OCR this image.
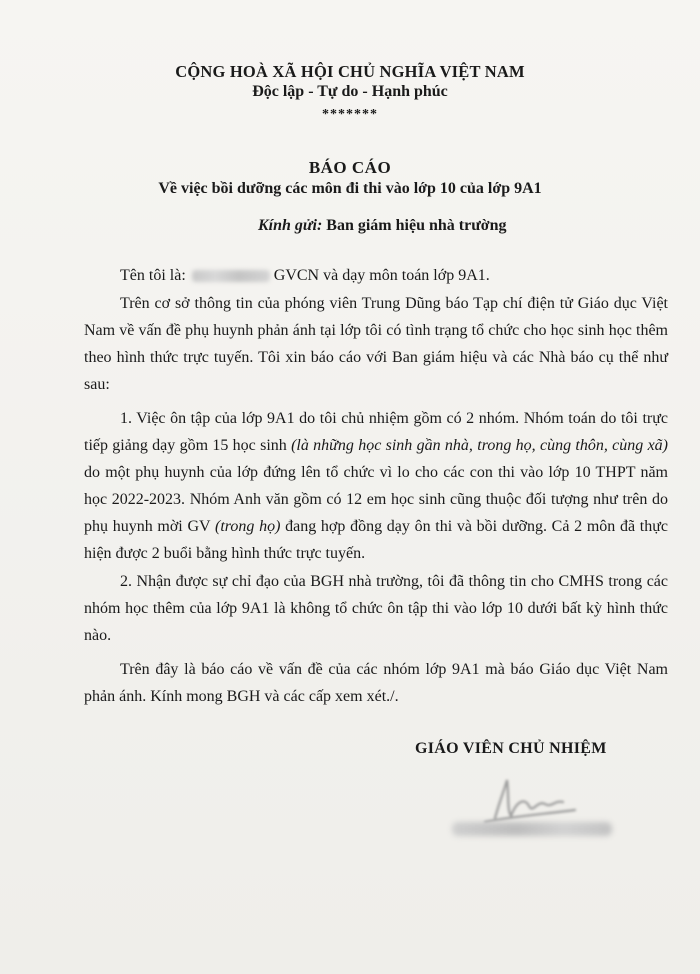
CỘNG HOÀ XÃ HỘI CHỦ NGHĨA VIỆT NAM
Độc lập - Tự do - Hạnh phúc
*******
BÁO CÁO
Về việc bồi dưỡng các môn đi thi vào lớp 10 của lớp 9A1
Kính gửi: Ban giám hiệu nhà trường

Tên tôi là:	GVCN và dạy môn toán lớp 9A1.

Trên cơ sở thông tin của phóng viên Trung Dũng báo Tạp chí điện tử Giáo dục Việt Nam về vấn đề phụ huynh phản ánh tại lớp tôi có tình trạng tổ chức cho học sinh học thêm theo hình thức trực tuyến. Tôi xin báo cáo với Ban giám hiệu và các Nhà báo cụ thể như sau:

1. Việc ôn tập của lớp 9A1 do tôi chủ nhiệm gồm có 2 nhóm. Nhóm toán do tôi trực tiếp giảng dạy gồm 15 học sinh (là những học sinh gần nhà, trong họ, cùng thôn, cùng xã) do một phụ huynh của lớp đứng lên tổ chức vì lo cho các con thi vào lớp 10 THPT năm học 2022-2023. Nhóm Anh văn gồm có 12 em học sinh cũng thuộc đối tượng như trên do phụ huynh mời GV (trong họ) đang hợp đồng dạy ôn thi và bồi dưỡng. Cả 2 môn đã thực hiện được 2 buổi bằng hình thức trực tuyến.

2. Nhận được sự chỉ đạo của BGH nhà trường, tôi đã thông tin cho CMHS trong các nhóm học thêm của lớp 9A1 là không tổ chức ôn tập thi vào lớp 10 dưới bất kỳ hình thức nào.

Trên đây là báo cáo về vấn đề của các nhóm lớp 9A1 mà báo Giáo dục Việt Nam phản ánh. Kính mong BGH và các cấp xem xét./.

GIÁO VIÊN CHỦ NHIỆM
